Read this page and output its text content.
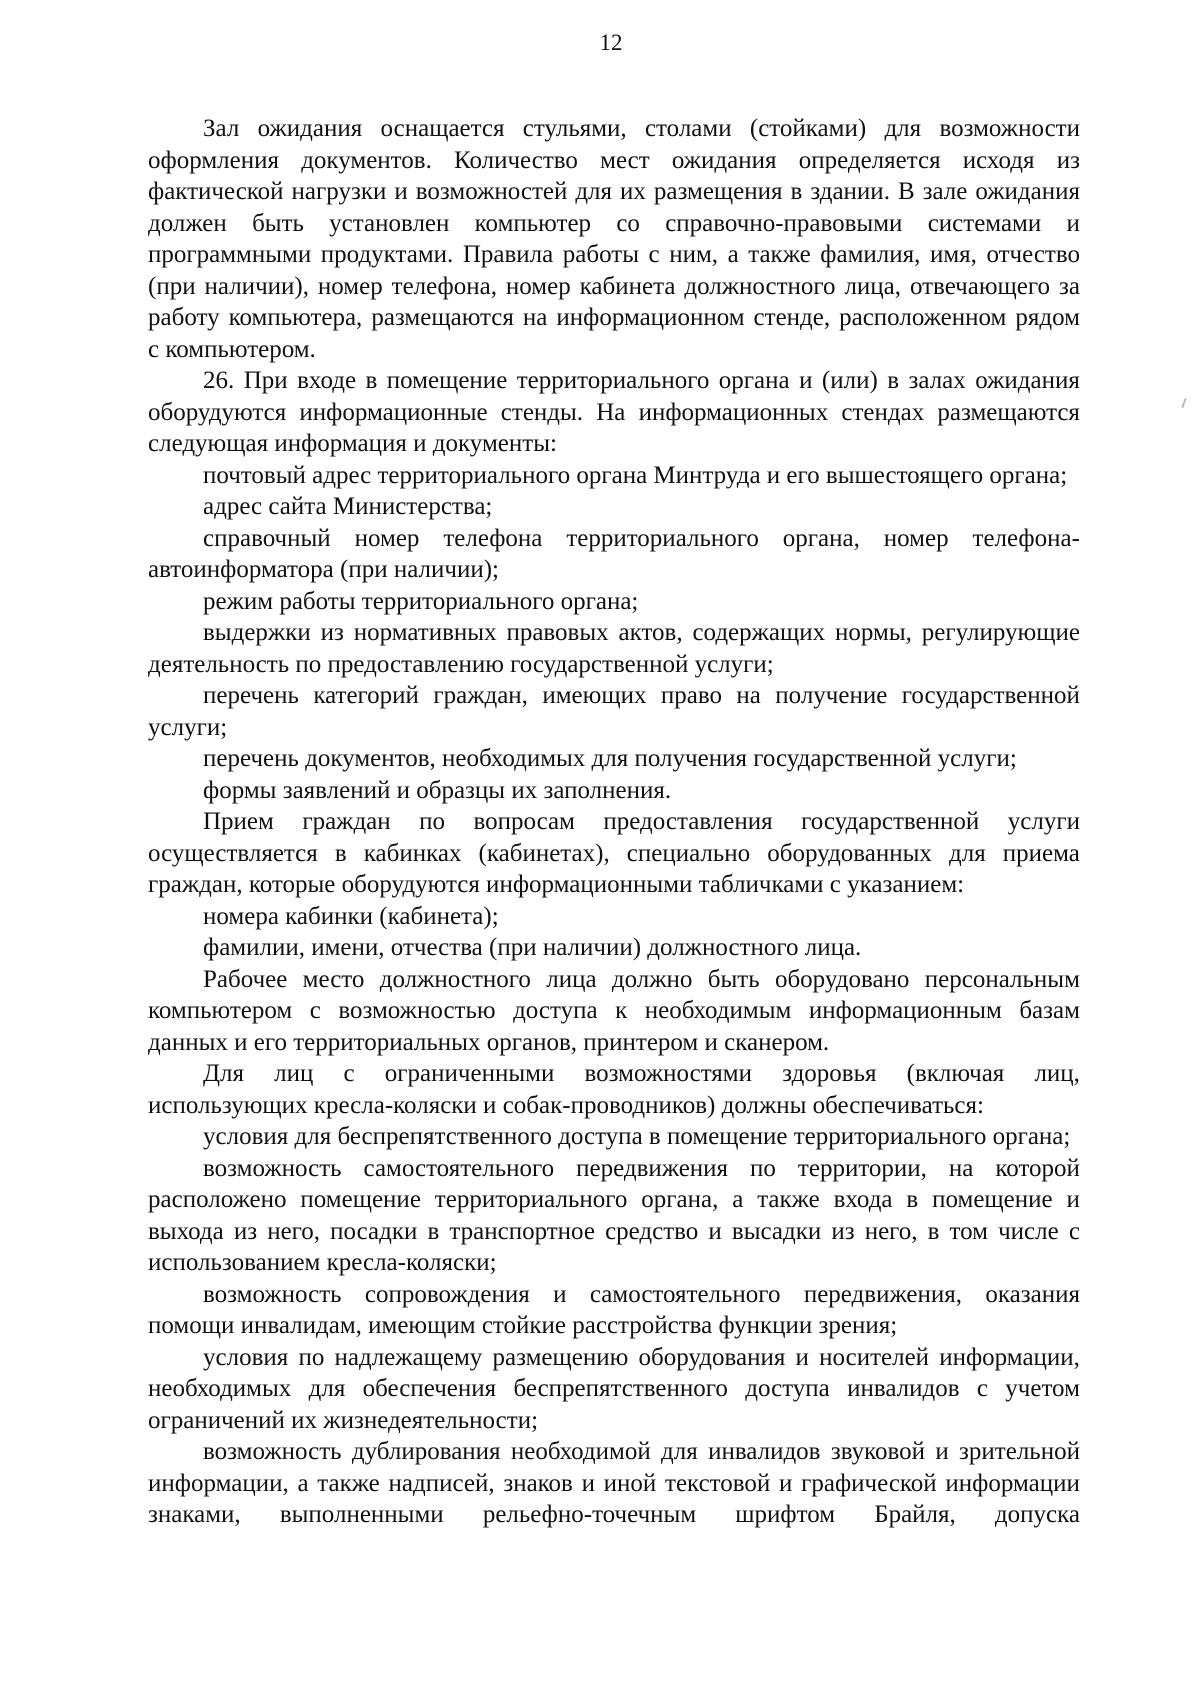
12
Зал ожидания оснащается стульями, столами (стойками) для возможности
оформления документов. Количество мест ожидания определяется исходя из
фактической нагрузки и возможностей для их размещения в здании. В зале ожидания
должен быть установлен компьютер со справочно-правовыми системами и
программными продуктами. Правила работы с ним, а также фамилия, имя, отчество
(при наличии), номер телефона, номер кабинета должностного лица, отвечающего за
работу компьютера, размещаются на информационном стенде, расположенном рядом
с компьютером.
26. При входе в помещение территориального органа и (или) в залах ожидания
оборудуются информационные стенды. На информационных стендах размещаются
следующая информация и документы:
почтовый адрес территориального органа Минтруда и его вышестоящего органа;
адрес сайта Министерства;
справочный номер телефона территориального органа, номер телефона-
автоинформатора (при наличии);
режим работы территориального органа;
выдержки из нормативных правовых актов, содержащих нормы, регулирующие
деятельность по предоставлению государственной услуги;
перечень категорий граждан, имеющих право на получение государственной
услуги;
перечень документов, необходимых для получения государственной услуги;
формы заявлений и образцы их заполнения.
Прием граждан по вопросам предоставления государственной услуги
осуществляется в кабинках (кабинетах), специально оборудованных для приема
граждан, которые оборудуются информационными табличками с указанием:
номера кабинки (кабинета);
фамилии, имени, отчества (при наличии) должностного лица.
Рабочее место должностного лица должно быть оборудовано персональным
компьютером с возможностью доступа к необходимым информационным базам
данных и его территориальных органов, принтером и сканером.
Для лиц с ограниченными возможностями здоровья (включая лиц,
использующих кресла-коляски и собак-проводников) должны обеспечиваться:
условия для беспрепятственного доступа в помещение территориального органа;
возможность самостоятельного передвижения по территории, на которой
расположено помещение территориального органа, а также входа в помещение и
выхода из него, посадки в транспортное средство и высадки из него, в том числе с
использованием кресла-коляски;
возможность сопровождения и самостоятельного передвижения, оказания
помощи инвалидам, имеющим стойкие расстройства функции зрения;
условия по надлежащему размещению оборудования и носителей информации,
необходимых для обеспечения беспрепятственного доступа инвалидов с учетом
ограничений их жизнедеятельности;
возможность дублирования необходимой для инвалидов звуковой и зрительной
информации, а также надписей, знаков и иной текстовой и графической информации
знаками, выполненными рельефно-точечным шрифтом Брайля, допуска
